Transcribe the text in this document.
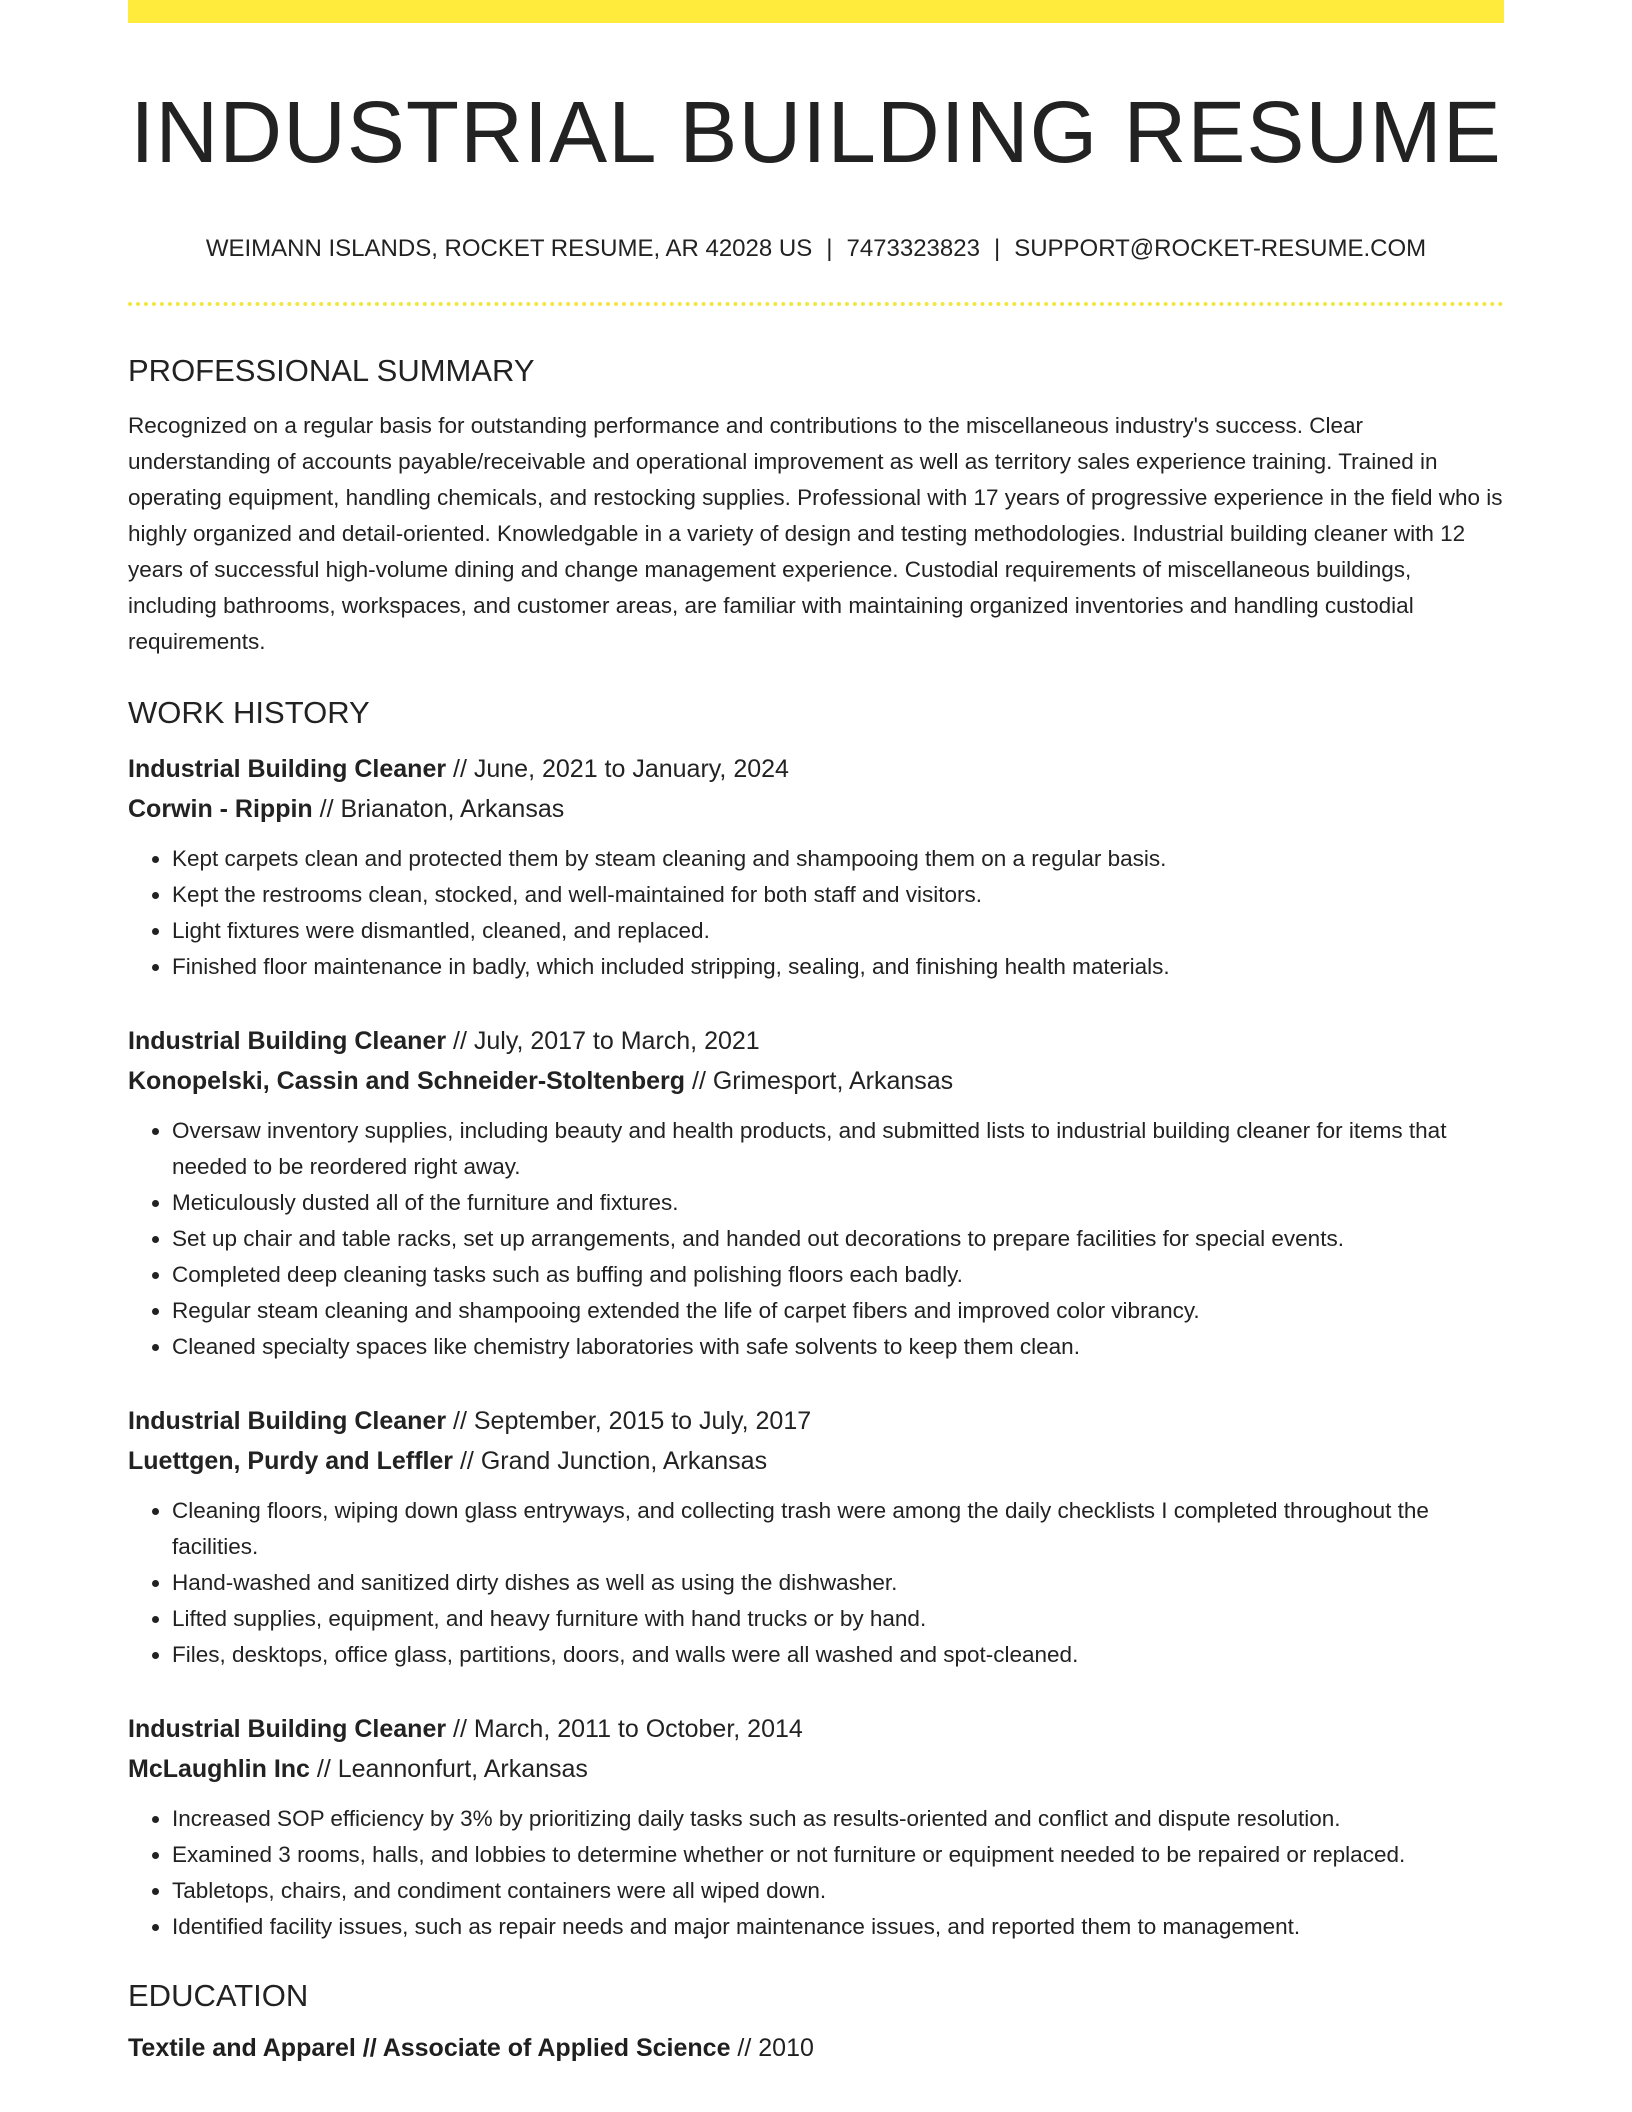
INDUSTRIAL BUILDING RESUME
WEIMANN ISLANDS, ROCKET RESUME, AR 42028 US | 7473323823 | SUPPORT@ROCKET-RESUME.COM
PROFESSIONAL SUMMARY
Recognized on a regular basis for outstanding performance and contributions to the miscellaneous industry's success. Clear understanding of accounts payable/receivable and operational improvement as well as territory sales experience training. Trained in operating equipment, handling chemicals, and restocking supplies. Professional with 17 years of progressive experience in the field who is highly organized and detail-oriented. Knowledgable in a variety of design and testing methodologies. Industrial building cleaner with 12 years of successful high-volume dining and change management experience. Custodial requirements of miscellaneous buildings, including bathrooms, workspaces, and customer areas, are familiar with maintaining organized inventories and handling custodial requirements.
WORK HISTORY
Industrial Building Cleaner // June, 2021 to January, 2024
Corwin - Rippin // Brianaton, Arkansas
• Kept carpets clean and protected them by steam cleaning and shampooing them on a regular basis.
• Kept the restrooms clean, stocked, and well-maintained for both staff and visitors.
• Light fixtures were dismantled, cleaned, and replaced.
• Finished floor maintenance in badly, which included stripping, sealing, and finishing health materials.
Industrial Building Cleaner // July, 2017 to March, 2021
Konopelski, Cassin and Schneider-Stoltenberg // Grimesport, Arkansas
• Oversaw inventory supplies, including beauty and health products, and submitted lists to industrial building cleaner for items that needed to be reordered right away.
• Meticulously dusted all of the furniture and fixtures.
• Set up chair and table racks, set up arrangements, and handed out decorations to prepare facilities for special events.
• Completed deep cleaning tasks such as buffing and polishing floors each badly.
• Regular steam cleaning and shampooing extended the life of carpet fibers and improved color vibrancy.
• Cleaned specialty spaces like chemistry laboratories with safe solvents to keep them clean.
Industrial Building Cleaner // September, 2015 to July, 2017
Luettgen, Purdy and Leffler // Grand Junction, Arkansas
• Cleaning floors, wiping down glass entryways, and collecting trash were among the daily checklists I completed throughout the facilities.
• Hand-washed and sanitized dirty dishes as well as using the dishwasher.
• Lifted supplies, equipment, and heavy furniture with hand trucks or by hand.
• Files, desktops, office glass, partitions, doors, and walls were all washed and spot-cleaned.
Industrial Building Cleaner // March, 2011 to October, 2014
McLaughlin Inc // Leannonfurt, Arkansas
• Increased SOP efficiency by 3% by prioritizing daily tasks such as results-oriented and conflict and dispute resolution.
• Examined 3 rooms, halls, and lobbies to determine whether or not furniture or equipment needed to be repaired or replaced.
• Tabletops, chairs, and condiment containers were all wiped down.
• Identified facility issues, such as repair needs and major maintenance issues, and reported them to management.
EDUCATION
Textile and Apparel // Associate of Applied Science // 2010
